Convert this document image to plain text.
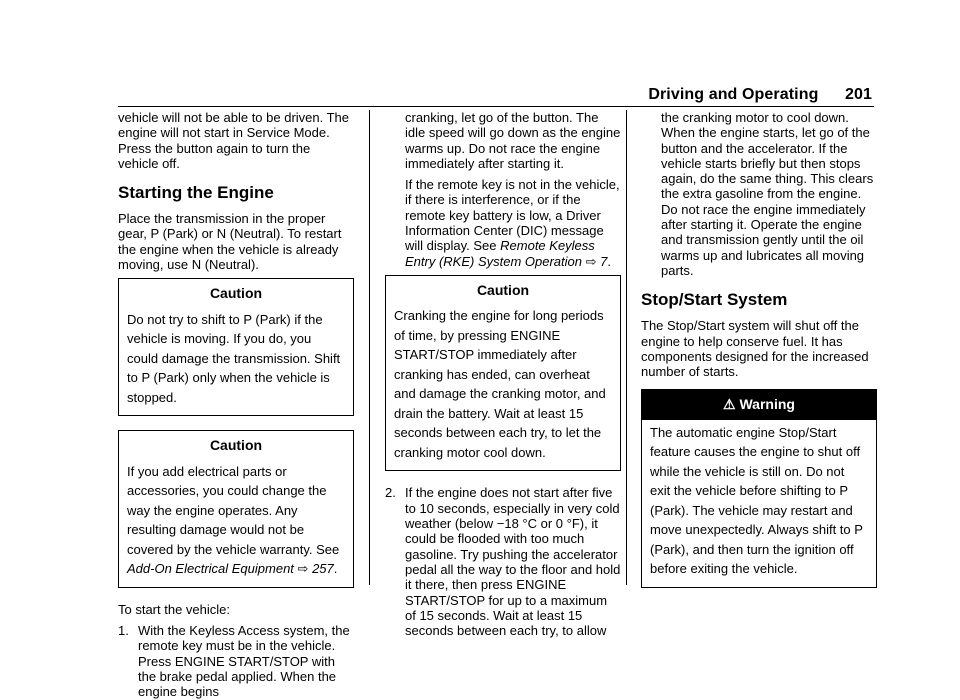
Driving and Operating 201

vehicle will not be able to be driven. The engine will not start in Service Mode. Press the button again to turn the vehicle off.

Starting the Engine

Place the transmission in the proper gear, P (Park) or N (Neutral). To restart the engine when the vehicle is already moving, use N (Neutral).

Caution
Do not try to shift to P (Park) if the vehicle is moving. If you do, you could damage the transmission. Shift to P (Park) only when the vehicle is stopped.
Caution
If you add electrical parts or accessories, you could change the way the engine operates. Any resulting damage would not be covered by the vehicle warranty. See Add-On Electrical Equipment ⇨ 257.

To start the vehicle:

1. With the Keyless Access system, the remote key must be in the vehicle. Press ENGINE START/STOP with the brake pedal applied. When the engine begins

cranking, let go of the button. The idle speed will go down as the engine warms up. Do not race the engine immediately after starting it.

If the remote key is not in the vehicle, if there is interference, or if the remote key battery is low, a Driver Information Center (DIC) message will display. See Remote Keyless Entry (RKE) System Operation ⇨ 7.

Caution
Cranking the engine for long periods of time, by pressing ENGINE START/STOP immediately after cranking has ended, can overheat and damage the cranking motor, and drain the battery. Wait at least 15 seconds between each try, to let the cranking motor cool down.
2. If the engine does not start after five to 10 seconds, especially in very cold weather (below −18 °C or 0 °F), it could be flooded with too much gasoline. Try pushing the accelerator pedal all the way to the floor and hold it there, then press ENGINE START/STOP for up to a maximum of 15 seconds. Wait at least 15 seconds between each try, to allow

the cranking motor to cool down. When the engine starts, let go of the button and the accelerator. If the vehicle starts briefly but then stops again, do the same thing. This clears the extra gasoline from the engine. Do not race the engine immediately after starting it. Operate the engine and transmission gently until the oil warms up and lubricates all moving parts.

Stop/Start System

The Stop/Start system will shut off the engine to help conserve fuel. It has components designed for the increased number of starts.

⚠ Warning
The automatic engine Stop/Start feature causes the engine to shut off while the vehicle is still on. Do not exit the vehicle before shifting to P (Park). The vehicle may restart and move unexpectedly. Always shift to P (Park), and then turn the ignition off before exiting the vehicle.
